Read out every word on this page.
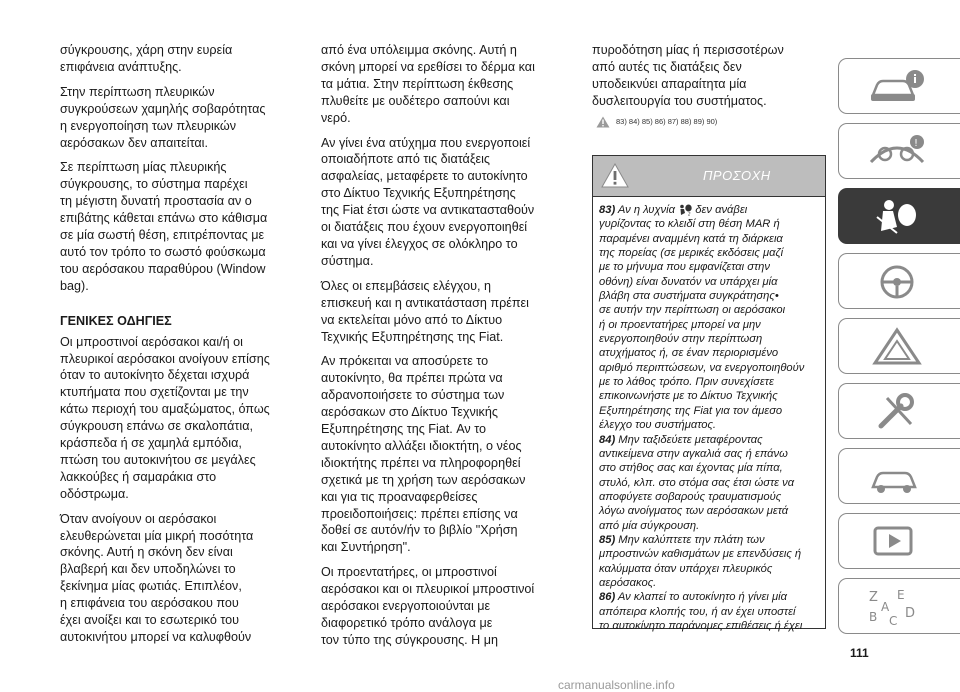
σύγκρουσης, χάρη στην ευρεία
επιφάνεια ανάπτυξης.

Στην περίπτωση πλευρικών
συγκρούσεων χαμηλής σοβαρότητας
η ενεργοποίηση των πλευρικών
αερόσακων δεν απαιτείται.

Σε περίπτωση μίας πλευρικής
σύγκρουσης, το σύστημα παρέχει
τη μέγιστη δυνατή προστασία αν ο
επιβάτης κάθεται επάνω στο κάθισμα
σε μία σωστή θέση, επιτρέποντας με
αυτό τον τρόπο το σωστό φούσκωμα
του αερόσακου παραθύρου (Window
bag).

ΓΕΝΙΚΕΣ ΟΔΗΓΙΕΣ

Οι μπροστινοί αερόσακοι και/ή οι
πλευρικοί αερόσακοι ανοίγουν επίσης
όταν το αυτοκίνητο δέχεται ισχυρά
κτυπήματα που σχετίζονται με την
κάτω περιοχή του αμαξώματος, όπως
σύγκρουση επάνω σε σκαλοπάτια,
κράσπεδα ή σε χαμηλά εμπόδια,
πτώση του αυτοκινήτου σε μεγάλες
λακκούβες ή σαμαράκια στο
οδόστρωμα.

Όταν ανοίγουν οι αερόσακοι
ελευθερώνεται μία μικρή ποσότητα
σκόνης. Αυτή η σκόνη δεν είναι
βλαβερή και δεν υποδηλώνει το
ξεκίνημα μίας φωτιάς. Επιπλέον,
η επιφάνεια του αερόσακου που
έχει ανοίξει και το εσωτερικό του
αυτοκινήτου μπορεί να καλυφθούν

από ένα υπόλειμμα σκόνης. Αυτή η
σκόνη μπορεί να ερεθίσει το δέρμα και
τα μάτια. Στην περίπτωση έκθεσης
πλυθείτε με ουδέτερο σαπούνι και
νερό.

Αν γίνει ένα ατύχημα που ενεργοποιεί
οποιαδήποτε από τις διατάξεις
ασφαλείας, μεταφέρετε το αυτοκίνητο
στο Δίκτυο Τεχνικής Εξυπηρέτησης
της Fiat έτσι ώστε να αντικατασταθούν
οι διατάξεις που έχουν ενεργοποιηθεί
και να γίνει έλεγχος σε ολόκληρο το
σύστημα.

Όλες οι επεμβάσεις ελέγχου, η
επισκευή και η αντικατάσταση πρέπει
να εκτελείται μόνο από το Δίκτυο
Τεχνικής Εξυπηρέτησης της Fiat.

Αν πρόκειται να αποσύρετε το
αυτοκίνητο, θα πρέπει πρώτα να
αδρανοποιήσετε το σύστημα των
αερόσακων στο Δίκτυο Τεχνικής
Εξυπηρέτησης της Fiat. Αν το
αυτοκίνητο αλλάξει ιδιοκτήτη, ο νέος
ιδιοκτήτης πρέπει να πληροφορηθεί
σχετικά με τη χρήση των αερόσακων
και για τις προαναφερθείσες
προειδοποιήσεις: πρέπει επίσης να
δοθεί σε αυτόν/ήν το βιβλίο "Χρήση
και Συντήρηση".

Οι προεντατήρες, οι μπροστινοί
αερόσακοι και οι πλευρικοί μπροστινοί
αερόσακοι ενεργοποιούνται με
διαφορετικό τρόπο ανάλογα με
τον τύπο της σύγκρουσης. Η μη

πυροδότηση μίας ή περισσοτέρων
από αυτές τις διατάξεις δεν
υποδεικνύει απαραίτητα μία
δυσλειτουργία του συστήματος.

83) 84) 85) 86) 87) 88) 89) 90)
ΠΡΟΣΟΧΗ
83) Αν η λυχνία	2 δεν ανάβει
γυρίζοντας το κλειδί στη θέση MAR ή
παραμένει αναμμένη κατά τη διάρκεια
της πορείας (σε μερικές εκδόσεις μαζί
με το μήνυμα που εμφανίζεται στην
οθόνη) είναι δυνατόν να υπάρχει μία
βλάβη στα συστήματα συγκράτησης•
σε αυτήν την περίπτωση οι αερόσακοι
ή οι προεντατήρες μπορεί να μην
ενεργοποιηθούν στην περίπτωση
ατυχήματος ή, σε έναν περιορισμένο
αριθμό περιπτώσεων, να ενεργοποιηθούν
με το λάθος τρόπο. Πριν συνεχίσετε
επικοινωνήστε με το Δίκτυο Τεχνικής
Εξυπηρέτησης της Fiat για τον άμεσο
έλεγχο του συστήματος.
84) Μην ταξιδεύετε μεταφέροντας
αντικείμενα στην αγκαλιά σας ή επάνω
στο στήθος σας και έχοντας μία πίπα,
στυλό, κλπ. στο στόμα σας έτσι ώστε να
αποφύγετε σοβαρούς τραυματισμούς
λόγω ανοίγματος των αερόσακων μετά
από μία σύγκρουση.
85) Μην καλύπτετε την πλάτη των
μπροστινών καθισμάτων με επενδύσεις ή
καλύμματα όταν υπάρχει πλευρικός
αερόσακος.
86) Αν κλαπεί το αυτοκίνητο ή γίνει μία
απόπειρα κλοπής του, ή αν έχει υποστεί
το αυτοκίνητο παράνομες επιθέσεις ή έχει
111
carmanualsonline.info
!
Z E
A
B C D
